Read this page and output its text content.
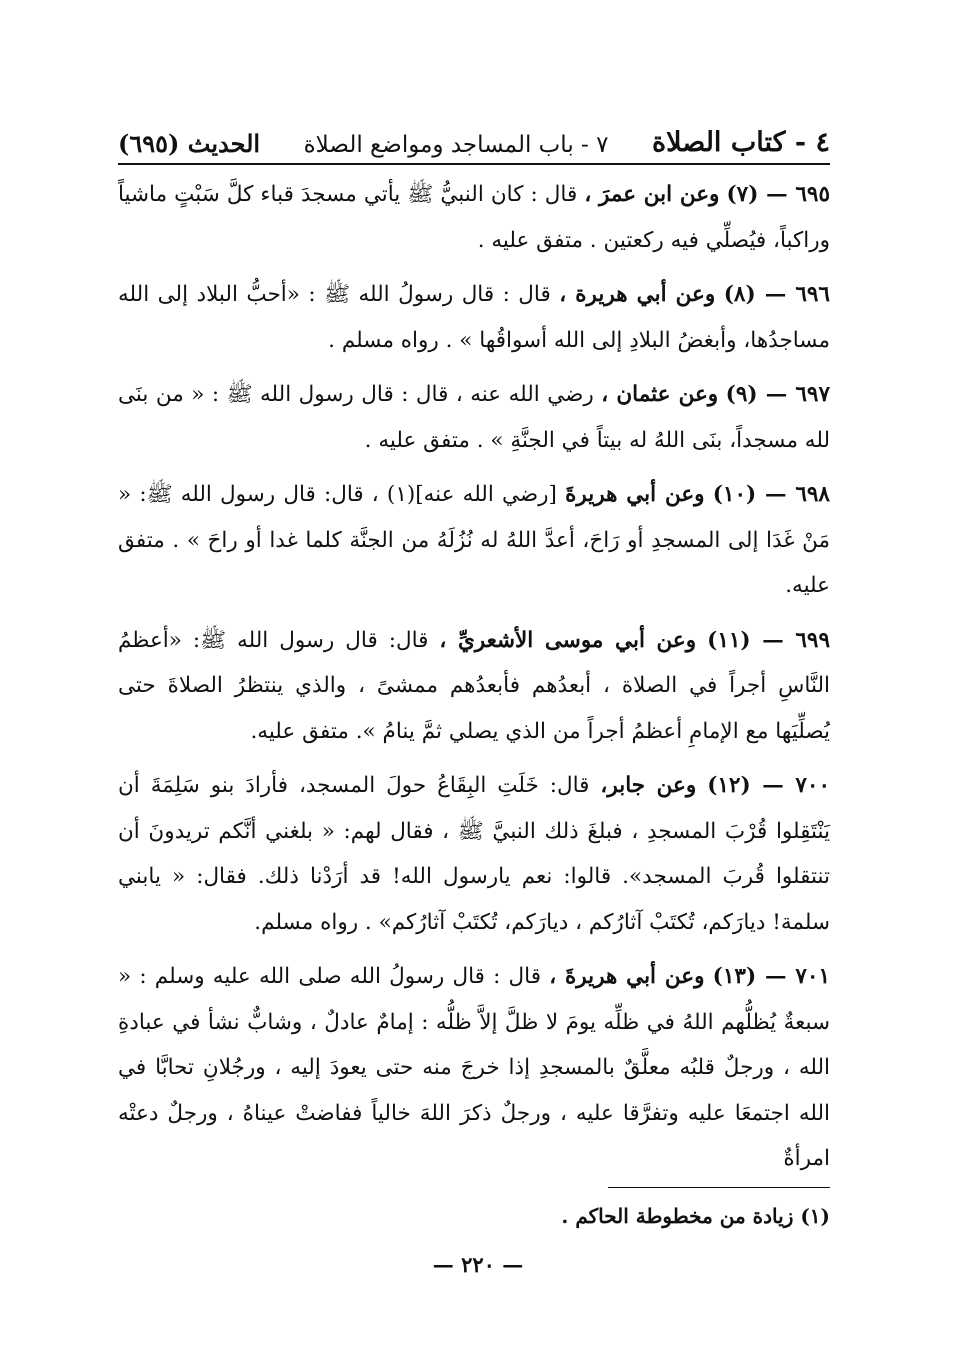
٤ - كتاب الصلاة
٧ - باب المساجد ومواضع الصلاة
الحديث (٦٩٥)

٦٩٥ — (٧) وعن ابن عمرَ ، قال : كان النبيُّ ﷺ يأتي مسجدَ قباء كلَّ سَبْتٍ ماشياً وراكباً، فيُصلِّي فيه ركعتين . متفق عليه .

٦٩٦ — (٨) وعن أبي هريرة ، قال : قال رسولُ الله ﷺ : «أحبُّ البلاد إلى الله مساجدُها، وأبغضُ البلادِ إلى الله أسواقُها » . رواه مسلم .

٦٩٧ — (٩) وعن عثمان ، رضي الله عنه ، قال : قال رسول الله ﷺ : « من بنَى لله مسجداً، بنَى اللهُ له بيتاً في الجنَّةِ » . متفق عليه .

٦٩٨ — (١٠) وعن أبي هريرةَ [رضي الله عنه](١) ، قال: قال رسول الله ﷺ: « مَنْ غَدَا إلى المسجدِ أو رَاحَ، أعدَّ اللهُ له نُزُلَهُ من الجنَّة كلما غدا أو راحَ » . متفق عليه.

٦٩٩ — (١١) وعن أبي موسى الأشعريِّ ، قال: قال رسول الله ﷺ: «أعظمُ النَّاسِ أجراً في الصلاة ، أبعدُهم فأبعدُهم ممشىً ، والذي ينتظرُ الصلاةَ حتى يُصلِّيَها مع الإمامِ أعظمُ أجراً من الذي يصلي ثمَّ ينامُ ». متفق عليه.

٧٠٠ — (١٢) وعن جابر، قال: خَلَتِ البِقَاعُ حولَ المسجد، فأرادَ بنو سَلِمَةَ أن يَنْتَقِلوا قُرْبَ المسجدِ ، فبلغَ ذلك النبيَّ ﷺ ، فقال لهم: « بلغني أنَّكم تريدونَ أن تنتقلوا قُربَ المسجد». قالوا: نعم يارسول الله! قد أرَدْنا ذلك. فقال: « يابني سلمة! ديارَكم، تُكتَبْ آثارُكم ، ديارَكم، تُكتَبْ آثارُكم» . رواه مسلم.

٧٠١ — (١٣) وعن أبي هريرةَ ، قال : قال رسولُ الله صلى الله عليه وسلم : « سبعةٌ يُظلُّهم اللهُ في ظلِّه يومَ لا ظلَّ إلاَّ ظلُّه : إمامٌ عادلٌ ، وشابٌّ نشأ في عبادةِ الله ، ورجلٌ قلبُه معلَّقٌ بالمسجدِ إذا خرجَ منه حتى يعودَ إليه ، ورجُلانِ تحابَّا في الله اجتمعَا عليه وتفرَّقا عليه ، ورجلٌ ذكرَ اللهَ خالياً ففاضتْ عيناهُ ، ورجلٌ دعتْه امرأةٌ

(١) زيادة من مخطوطة الحاكم .
— ٢٢٠ —
